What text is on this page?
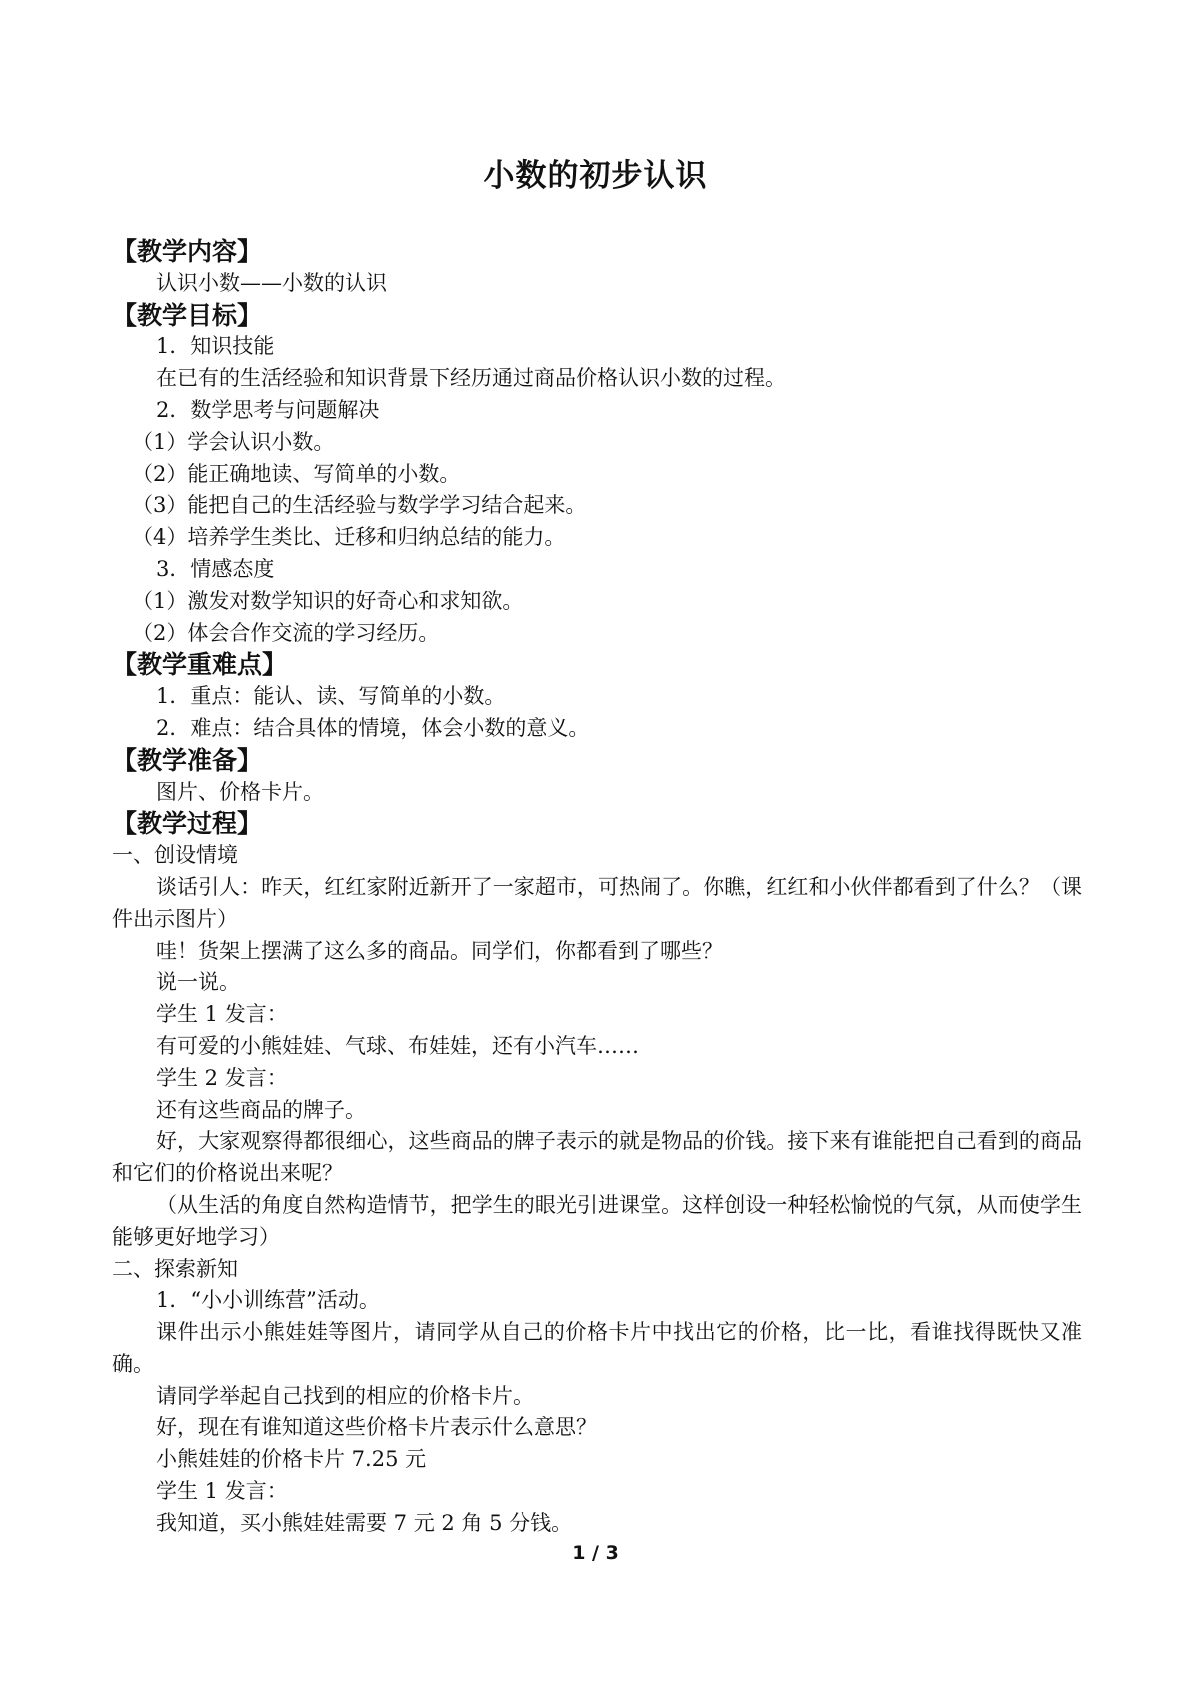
小数的初步认识
【教学内容】
认识小数——小数的认识
【教学目标】
1．知识技能
在已有的生活经验和知识背景下经历通过商品价格认识小数的过程。
2．数学思考与问题解决
（1）学会认识小数。
（2）能正确地读、写简单的小数。
（3）能把自己的生活经验与数学学习结合起来。
（4）培养学生类比、迁移和归纳总结的能力。
3．情感态度
（1）激发对数学知识的好奇心和求知欲。
（2）体会合作交流的学习经历。
【教学重难点】
1．重点：能认、读、写简单的小数。
2．难点：结合具体的情境，体会小数的意义。
【教学准备】
图片、价格卡片。
【教学过程】
一、创设情境
谈话引人：昨天，红红家附近新开了一家超市，可热闹了。你瞧，红红和小伙伴都看到了什么？（课件出示图片）
哇！货架上摆满了这么多的商品。同学们，你都看到了哪些？
说一说。
学生 1 发言：
有可爱的小熊娃娃、气球、布娃娃，还有小汽车……
学生 2 发言：
还有这些商品的牌子。
好，大家观察得都很细心，这些商品的牌子表示的就是物品的价钱。接下来有谁能把自己看到的商品和它们的价格说出来呢？
（从生活的角度自然构造情节，把学生的眼光引进课堂。这样创设一种轻松愉悦的气氛，从而使学生能够更好地学习）
二、探索新知
1．“小小训练营”活动。
课件出示小熊娃娃等图片，请同学从自己的价格卡片中找出它的价格，比一比，看谁找得既快又准确。
请同学举起自己找到的相应的价格卡片。
好，现在有谁知道这些价格卡片表示什么意思？
小熊娃娃的价格卡片 7.25 元
学生 1 发言：
我知道，买小熊娃娃需要 7 元 2 角 5 分钱。
1 / 3
